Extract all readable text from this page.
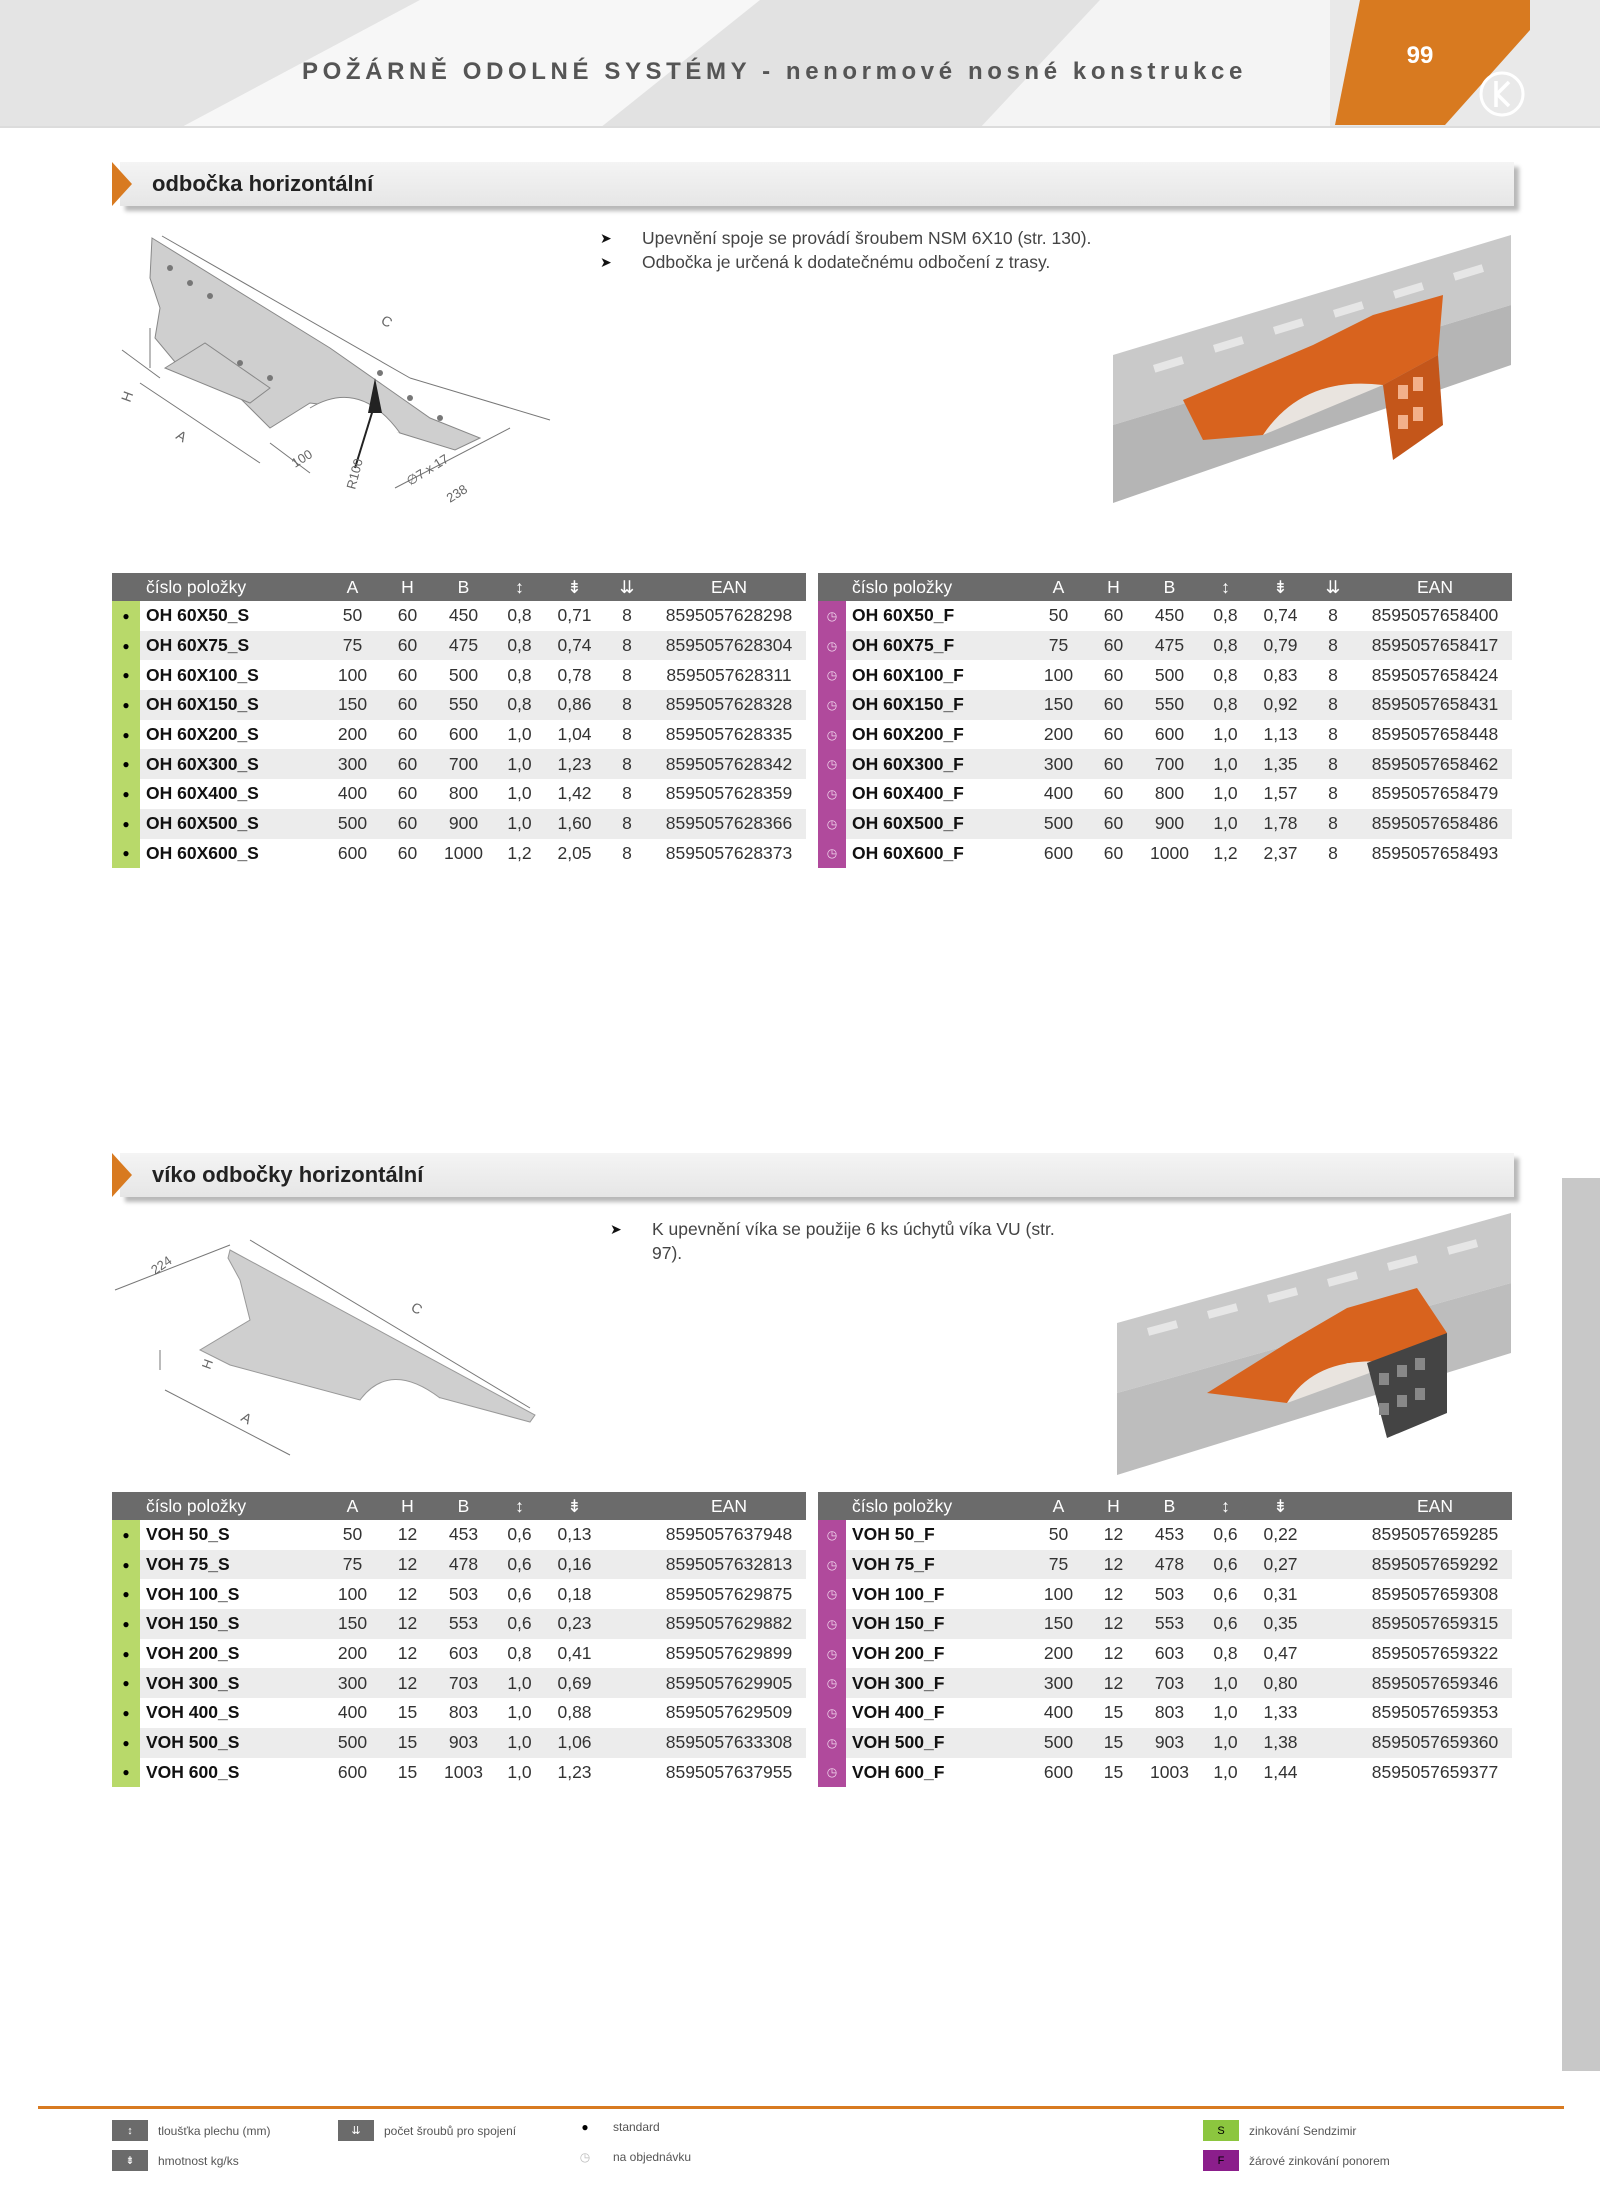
POŽÁRNĚ ODOLNÉ SYSTÉMY - nenormové nosné konstrukce
99
odbočka horizontální
C
H
A
100 R100	∅7 x 17
238
➤	Upevnění spoje se provádí šroubem NSM 6X10 (str. 130).
➤	Odbočka je určená k dodatečnému odbočení z trasy.
	číslo položky	A	H	B	↕	⇟	⇊	EAN
●	OH 60X50_S	50	60	450	0,8	0,71	8	8595057628298
●	OH 60X75_S	75	60	475	0,8	0,74	8	8595057628304
●	OH 60X100_S	100	60	500	0,8	0,78	8	8595057628311
●	OH 60X150_S	150	60	550	0,8	0,86	8	8595057628328
●	OH 60X200_S	200	60	600	1,0	1,04	8	8595057628335
●	OH 60X300_S	300	60	700	1,0	1,23	8	8595057628342
●	OH 60X400_S	400	60	800	1,0	1,42	8	8595057628359
●	OH 60X500_S	500	60	900	1,0	1,60	8	8595057628366
●	OH 60X600_S	600	60	1000	1,2	2,05	8	8595057628373
	číslo položky	A	H	B	↕	⇟	⇊	EAN
◷	OH 60X50_F	50	60	450	0,8	0,74	8	8595057658400
◷	OH 60X75_F	75	60	475	0,8	0,79	8	8595057658417
◷	OH 60X100_F	100	60	500	0,8	0,83	8	8595057658424
◷	OH 60X150_F	150	60	550	0,8	0,92	8	8595057658431
◷	OH 60X200_F	200	60	600	1,0	1,13	8	8595057658448
◷	OH 60X300_F	300	60	700	1,0	1,35	8	8595057658462
◷	OH 60X400_F	400	60	800	1,0	1,57	8	8595057658479
◷	OH 60X500_F	500	60	900	1,0	1,78	8	8595057658486
◷	OH 60X600_F	600	60	1000	1,2	2,37	8	8595057658493
víko odbočky horizontální
224
C
H
A
➤	K upevnění víka se použije 6 ks úchytů víka VU (str. 97).
	číslo položky	A	H	B	↕	⇟		EAN
●	VOH 50_S	50	12	453	0,6	0,13		8595057637948
●	VOH 75_S	75	12	478	0,6	0,16		8595057632813
●	VOH 100_S	100	12	503	0,6	0,18		8595057629875
●	VOH 150_S	150	12	553	0,6	0,23		8595057629882
●	VOH 200_S	200	12	603	0,8	0,41		8595057629899
●	VOH 300_S	300	12	703	1,0	0,69		8595057629905
●	VOH 400_S	400	15	803	1,0	0,88		8595057629509
●	VOH 500_S	500	15	903	1,0	1,06		8595057633308
●	VOH 600_S	600	15	1003	1,0	1,23		8595057637955
	číslo položky	A	H	B	↕	⇟		EAN
◷	VOH 50_F	50	12	453	0,6	0,22		8595057659285
◷	VOH 75_F	75	12	478	0,6	0,27		8595057659292
◷	VOH 100_F	100	12	503	0,6	0,31		8595057659308
◷	VOH 150_F	150	12	553	0,6	0,35		8595057659315
◷	VOH 200_F	200	12	603	0,8	0,47		8595057659322
◷	VOH 300_F	300	12	703	1,0	0,80		8595057659346
◷	VOH 400_F	400	15	803	1,0	1,33		8595057659353
◷	VOH 500_F	500	15	903	1,0	1,38		8595057659360
◷	VOH 600_F	600	15	1003	1,0	1,44		8595057659377
↕	tloušťka plechu (mm)
⇟	hmotnost kg/ks
⇊	počet šroubů pro spojení	●	standard
◷	na objednávku
S	zinkování Sendzimir
F	žárové zinkování ponorem
